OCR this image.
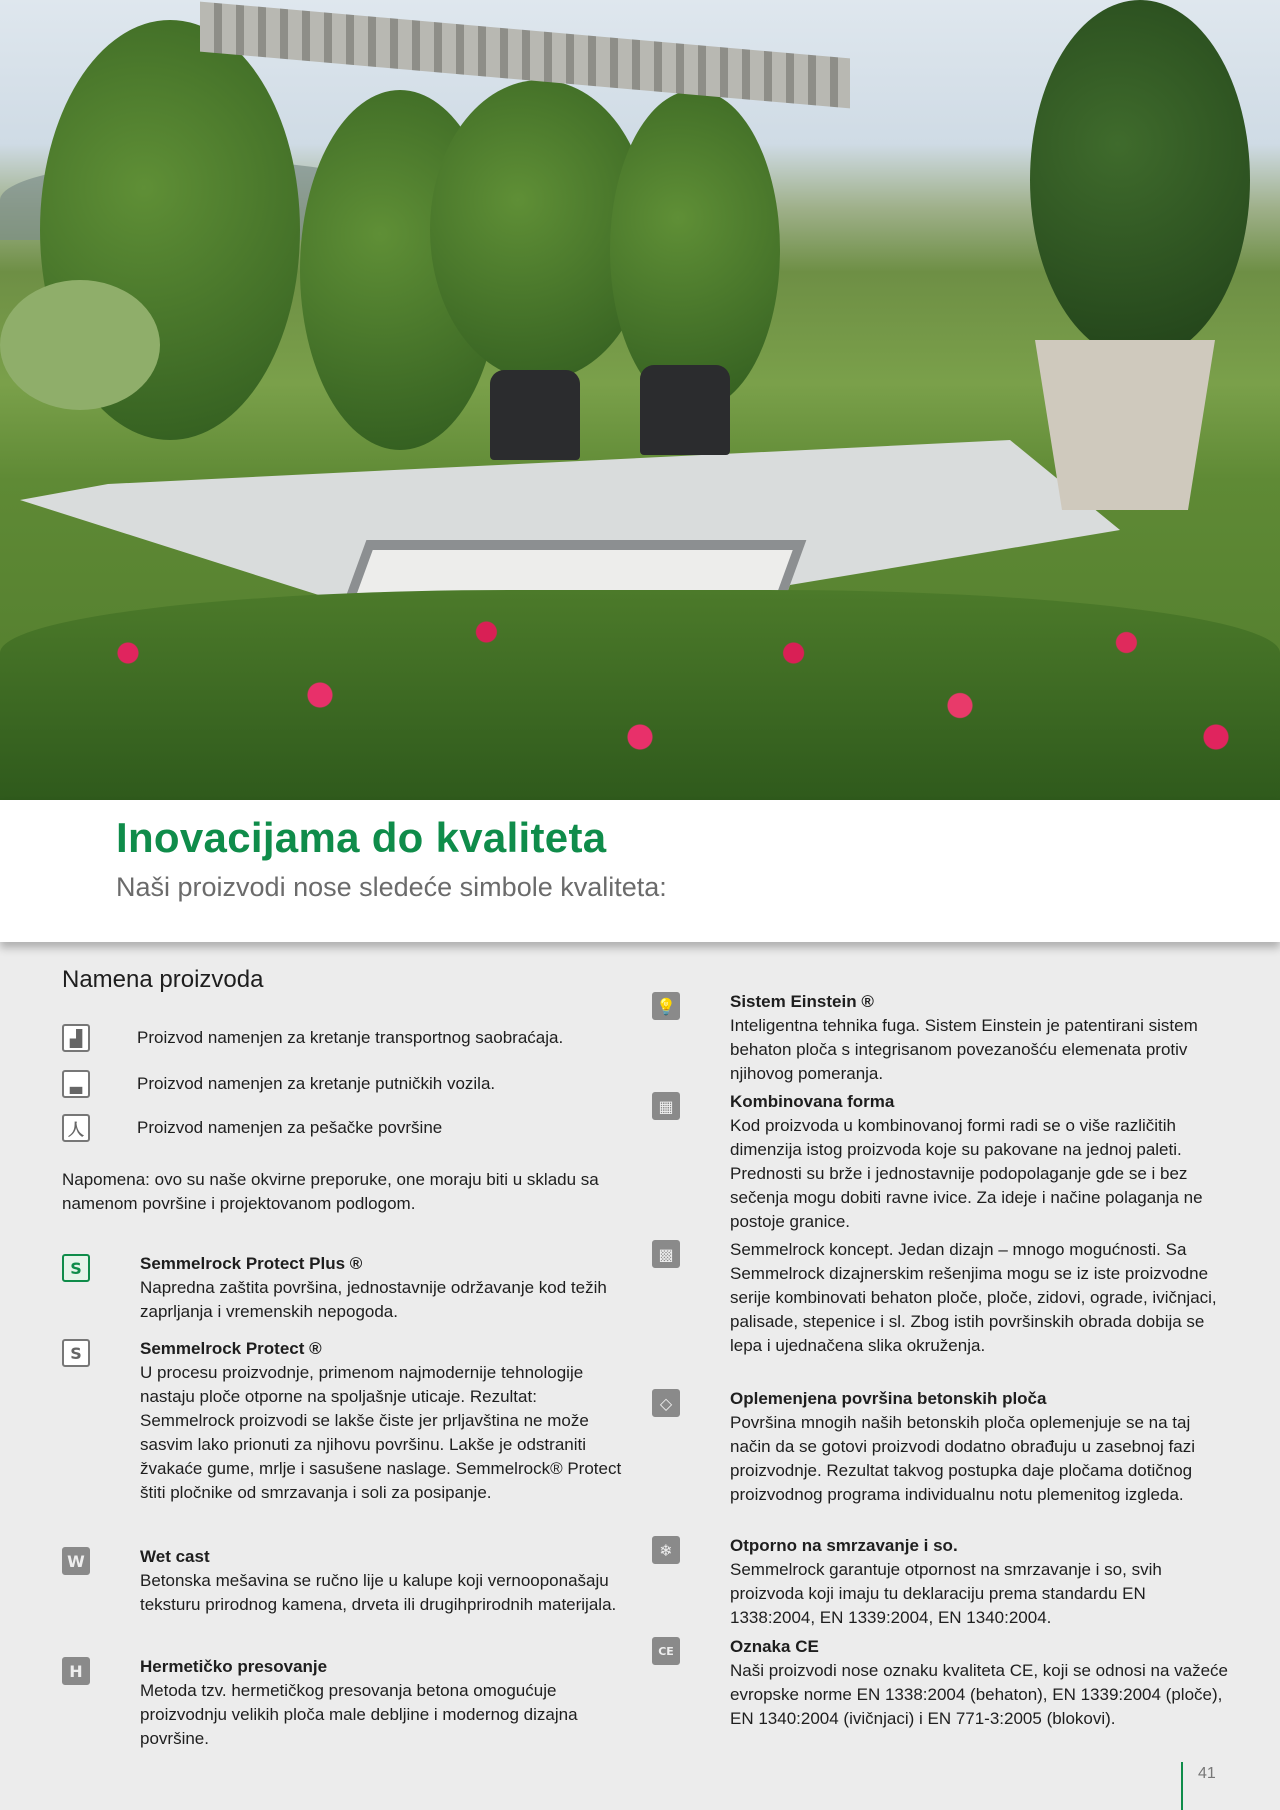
Inovacijama do kvaliteta
Naši proizvodi nose sledeće simbole kvaliteta:
Namena proizvoda
▟	Proizvod namenjen za kretanje transportnog saobraćaja.
▃	Proizvod namenjen za kretanje putničkih vozila.
人	Proizvod namenjen za pešačke površine
Napomena: ovo su naše okvirne preporuke, one moraju biti u skladu sa namenom površine i projektovanom podlogom.
S	Semmelrock Protect Plus ®
Napredna zaštita površina, jednostavnije održavanje kod težih zaprljanja i vremenskih nepogoda.
S	Semmelrock Protect ®
U procesu proizvodnje, primenom najmodernije tehnologije nastaju ploče otporne na spoljašnje uticaje. Rezultat: Semmelrock proizvodi se lakše čiste jer prljavština ne može sasvim lako prionuti za njihovu površinu. Lakše je odstraniti žvakaće gume, mrlje i sasušene naslage. Semmelrock® Protect štiti pločnike od smrzavanja i soli za posipanje.
W	Wet cast
Betonska mešavina se ručno lije u kalupe koji vernooponašaju teksturu prirodnog kamena, drveta ili drugihprirodnih materijala.
H	Hermetičko presovanje
Metoda tzv. hermetičkog presovanja betona omogućuje proizvodnju velikih ploča male debljine i modernog dizajna površine.
💡	Sistem Einstein ®
Inteligentna tehnika fuga. Sistem Einstein je patentirani sistem behaton ploča s integrisanom povezanošću elemenata protiv njihovog pomeranja.
▦	Kombinovana forma
Kod proizvoda u kombinovanoj formi radi se o više različitih dimenzija istog proizvoda koje su pakovane na jednoj paleti. Prednosti su brže i jednostavnije podopolaganje gde se i bez sečenja mogu dobiti ravne ivice. Za ideje i načine polaganja ne postoje granice.
▩	Semmelrock koncept. Jedan dizajn – mnogo mogućnosti. Sa Semmelrock dizajnerskim rešenjima mogu se iz iste proizvodne serije kombinovati behaton ploče, ploče, zidovi, ograde, ivičnjaci, palisade, stepenice i sl. Zbog istih površinskih obrada dobija se lepa i ujednačena slika okruženja.
◇	Oplemenjena površina betonskih ploča
Površina mnogih naših betonskih ploča oplemenjuje se na taj način da se gotovi proizvodi dodatno obrađuju u zasebnoj fazi proizvodnje. Rezultat takvog postupka daje pločama dotičnog proizvodnog programa individualnu notu plemenitog izgleda.
❄	Otporno na smrzavanje i so.
Semmelrock garantuje otpornost na smrzavanje i so, svih proizvoda koji imaju tu deklaraciju prema standardu EN 1338:2004, EN 1339:2004, EN 1340:2004.
CE	Oznaka CE
Naši proizvodi nose oznaku kvaliteta CE, koji se odnosi na važeće evropske norme EN 1338:2004 (behaton), EN 1339:2004 (ploče), EN 1340:2004 (ivičnjaci) i EN 771-3:2005 (blokovi).
41
